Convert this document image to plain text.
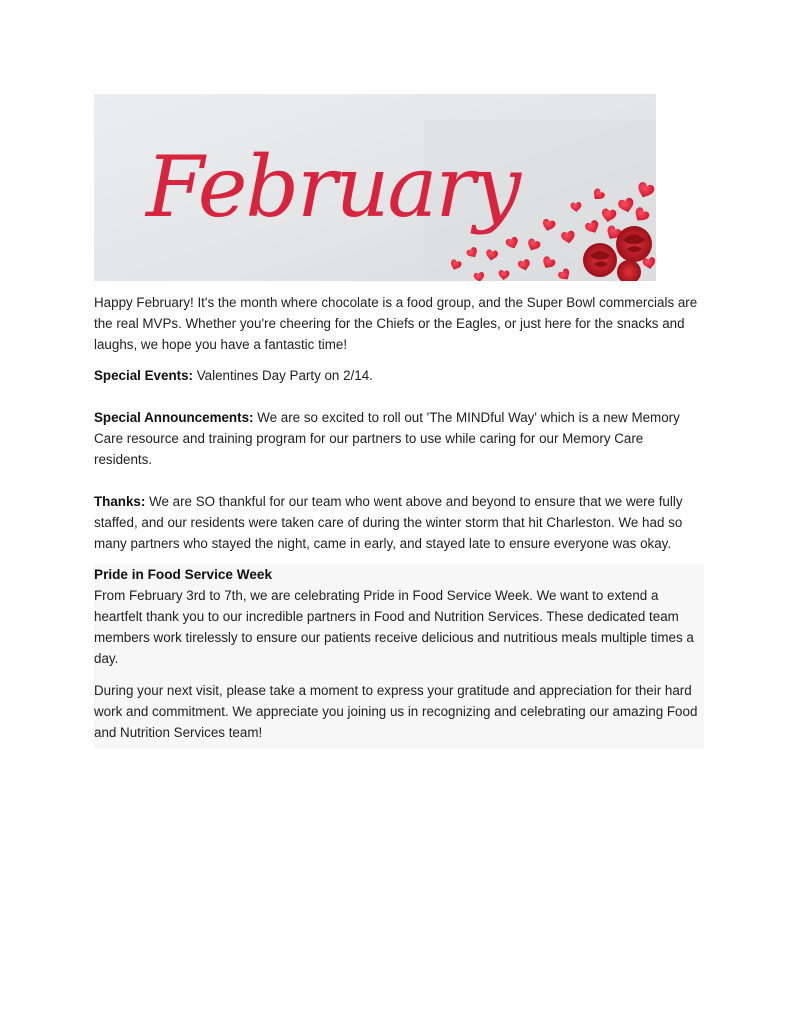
February

Happy February! It's the month where chocolate is a food group, and the Super Bowl commercials are the real MVPs. Whether you're cheering for the Chiefs or the Eagles, or just here for the snacks and laughs, we hope you have a fantastic time!

Special Events: Valentines Day Party on 2/14.

Special Announcements: We are so excited to roll out 'The MINDful Way' which is a new Memory Care resource and training program for our partners to use while caring for our Memory Care residents.

Thanks: We are SO thankful for our team who went above and beyond to ensure that we were fully staffed, and our residents were taken care of during the winter storm that hit Charleston. We had so many partners who stayed the night, came in early, and stayed late to ensure everyone was okay.

Pride in Food Service Week

From February 3rd to 7th, we are celebrating Pride in Food Service Week. We want to extend a heartfelt thank you to our incredible partners in Food and Nutrition Services. These dedicated team members work tirelessly to ensure our patients receive delicious and nutritious meals multiple times a day.

During your next visit, please take a moment to express your gratitude and appreciation for their hard work and commitment. We appreciate you joining us in recognizing and celebrating our amazing Food and Nutrition Services team!
